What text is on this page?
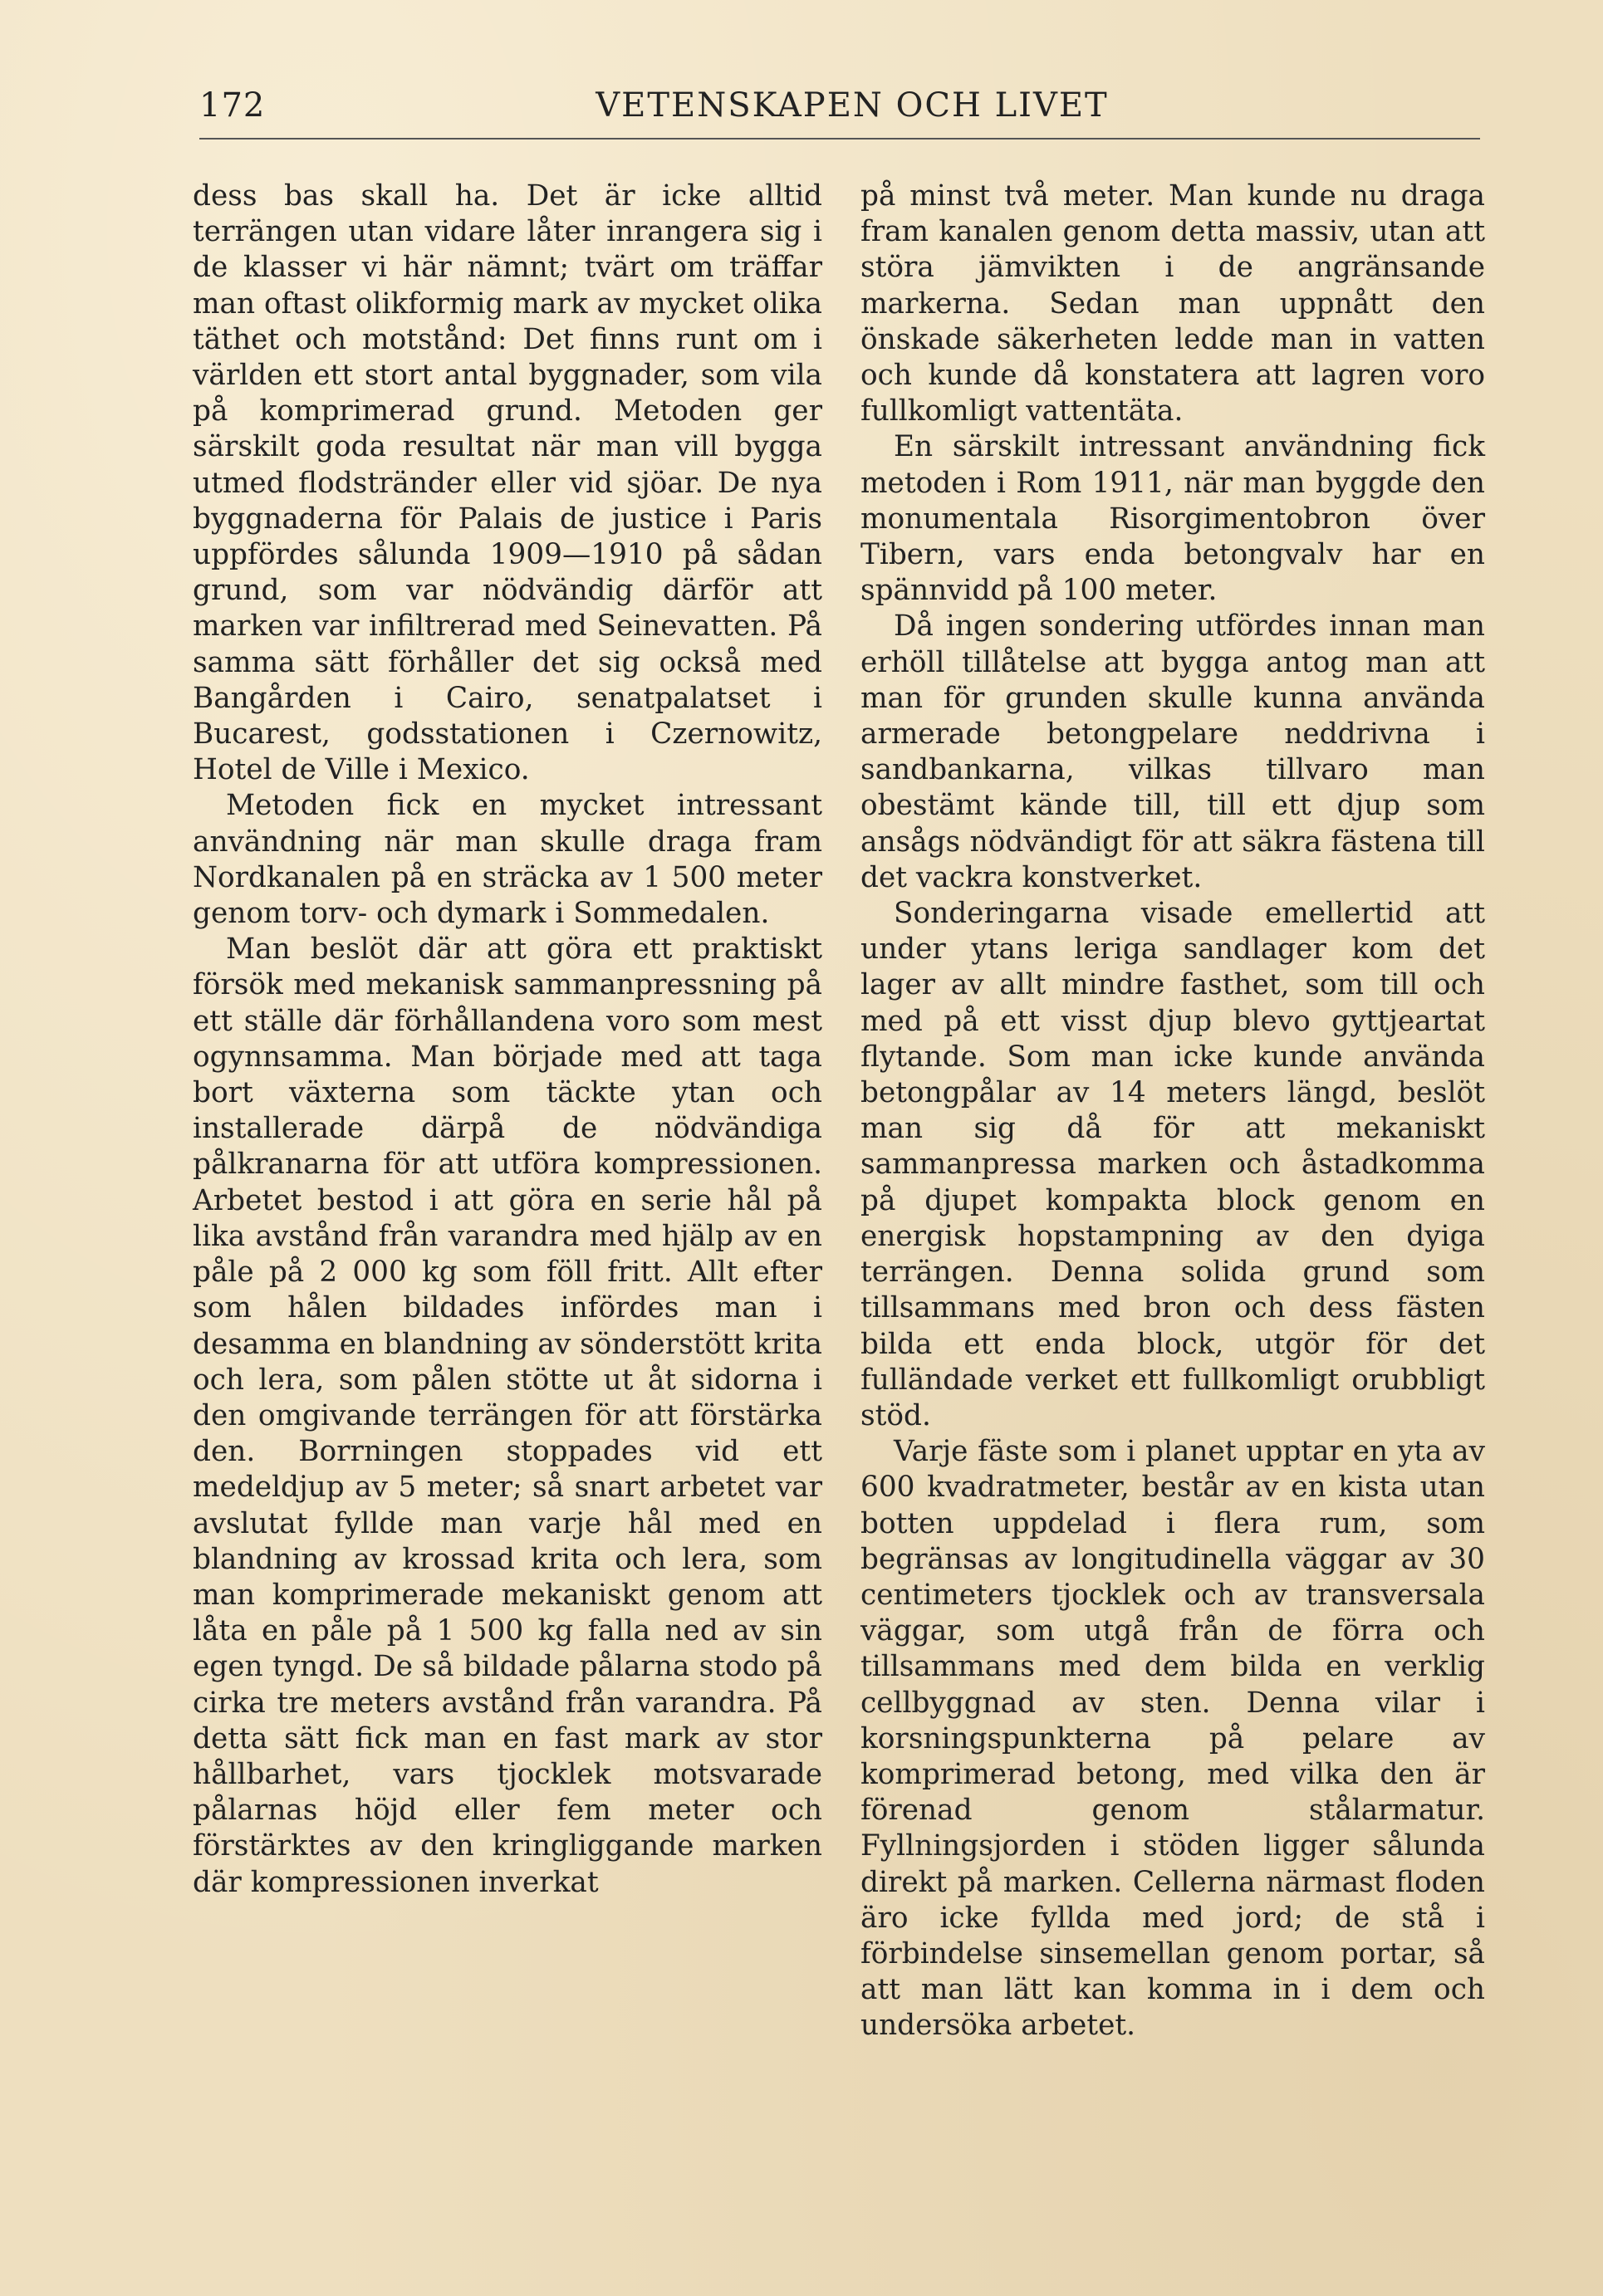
172	VETENSKAPEN OCH LIVET

dess bas skall ha. Det är icke alltid terrängen utan vidare låter inrangera sig i de klasser vi här nämnt; tvärt om träffar man oftast olikformig mark av mycket olika täthet och motstånd: Det finns runt om i världen ett stort antal byggnader, som vila på komprimerad grund. Metoden ger särskilt goda resultat när man vill bygga utmed flodstränder eller vid sjöar. De nya byggnaderna för Palais de justice i Paris uppfördes sålunda 1909—1910 på sådan grund, som var nödvändig därför att marken var infiltrerad med Seinevatten. På samma sätt förhåller det sig också med Bangården i Cairo, senatpalatset i Bucarest, godsstationen i Czernowitz, Hotel de Ville i Mexico.

Metoden fick en mycket intressant användning när man skulle draga fram Nordkanalen på en sträcka av 1 500 meter genom torv- och dymark i Sommedalen.

Man beslöt där att göra ett praktiskt försök med mekanisk sammanpressning på ett ställe där förhållandena voro som mest ogynnsamma. Man började med att taga bort växterna som täckte ytan och installerade därpå de nödvändiga pålkranarna för att utföra kompressionen. Arbetet bestod i att göra en serie hål på lika avstånd från varandra med hjälp av en påle på 2 000 kg som föll fritt. Allt efter som hålen bildades infördes man i desamma en blandning av sönderstött krita och lera, som pålen stötte ut åt sidorna i den omgivande terrängen för att förstärka den. Borrningen stoppades vid ett medeldjup av 5 meter; så snart arbetet var avslutat fyllde man varje hål med en blandning av krossad krita och lera, som man komprimerade mekaniskt genom att låta en påle på 1 500 kg falla ned av sin egen tyngd. De så bildade pålarna stodo på cirka tre meters avstånd från varandra. På detta sätt fick man en fast mark av stor hållbarhet, vars tjocklek motsvarade pålarnas höjd eller fem meter och förstärktes av den kringliggande marken där kompressionen inverkat

på minst två meter. Man kunde nu draga fram kanalen genom detta massiv, utan att störa jämvikten i de angränsande markerna. Sedan man uppnått den önskade säkerheten ledde man in vatten och kunde då konstatera att lagren voro fullkomligt vattentäta.

En särskilt intressant användning fick metoden i Rom 1911, när man byggde den monumentala Risorgimentobron över Tibern, vars enda betongvalv har en spännvidd på 100 meter.

Då ingen sondering utfördes innan man erhöll tillåtelse att bygga antog man att man för grunden skulle kunna använda armerade betongpelare neddrivna i sandbankarna, vilkas tillvaro man obestämt kände till, till ett djup som ansågs nödvändigt för att säkra fästena till det vackra konstverket.

Sonderingarna visade emellertid att under ytans leriga sandlager kom det lager av allt mindre fasthet, som till och med på ett visst djup blevo gyttjeartat flytande. Som man icke kunde använda betongpålar av 14 meters längd, beslöt man sig då för att mekaniskt sammanpressa marken och åstadkomma på djupet kompakta block genom en energisk hopstampning av den dyiga terrängen. Denna solida grund som tillsammans med bron och dess fästen bilda ett enda block, utgör för det fulländade verket ett fullkomligt orubbligt stöd.

Varje fäste som i planet upptar en yta av 600 kvadratmeter, består av en kista utan botten uppdelad i flera rum, som begränsas av longitudinella väggar av 30 centimeters tjocklek och av transversala väggar, som utgå från de förra och tillsammans med dem bilda en verklig cellbyggnad av sten. Denna vilar i korsningspunkterna på pelare av komprimerad betong, med vilka den är förenad genom stålarmatur. Fyllningsjorden i stöden ligger sålunda direkt på marken. Cellerna närmast floden äro icke fyllda med jord; de stå i förbindelse sinsemellan genom portar, så att man lätt kan komma in i dem och undersöka arbetet.
